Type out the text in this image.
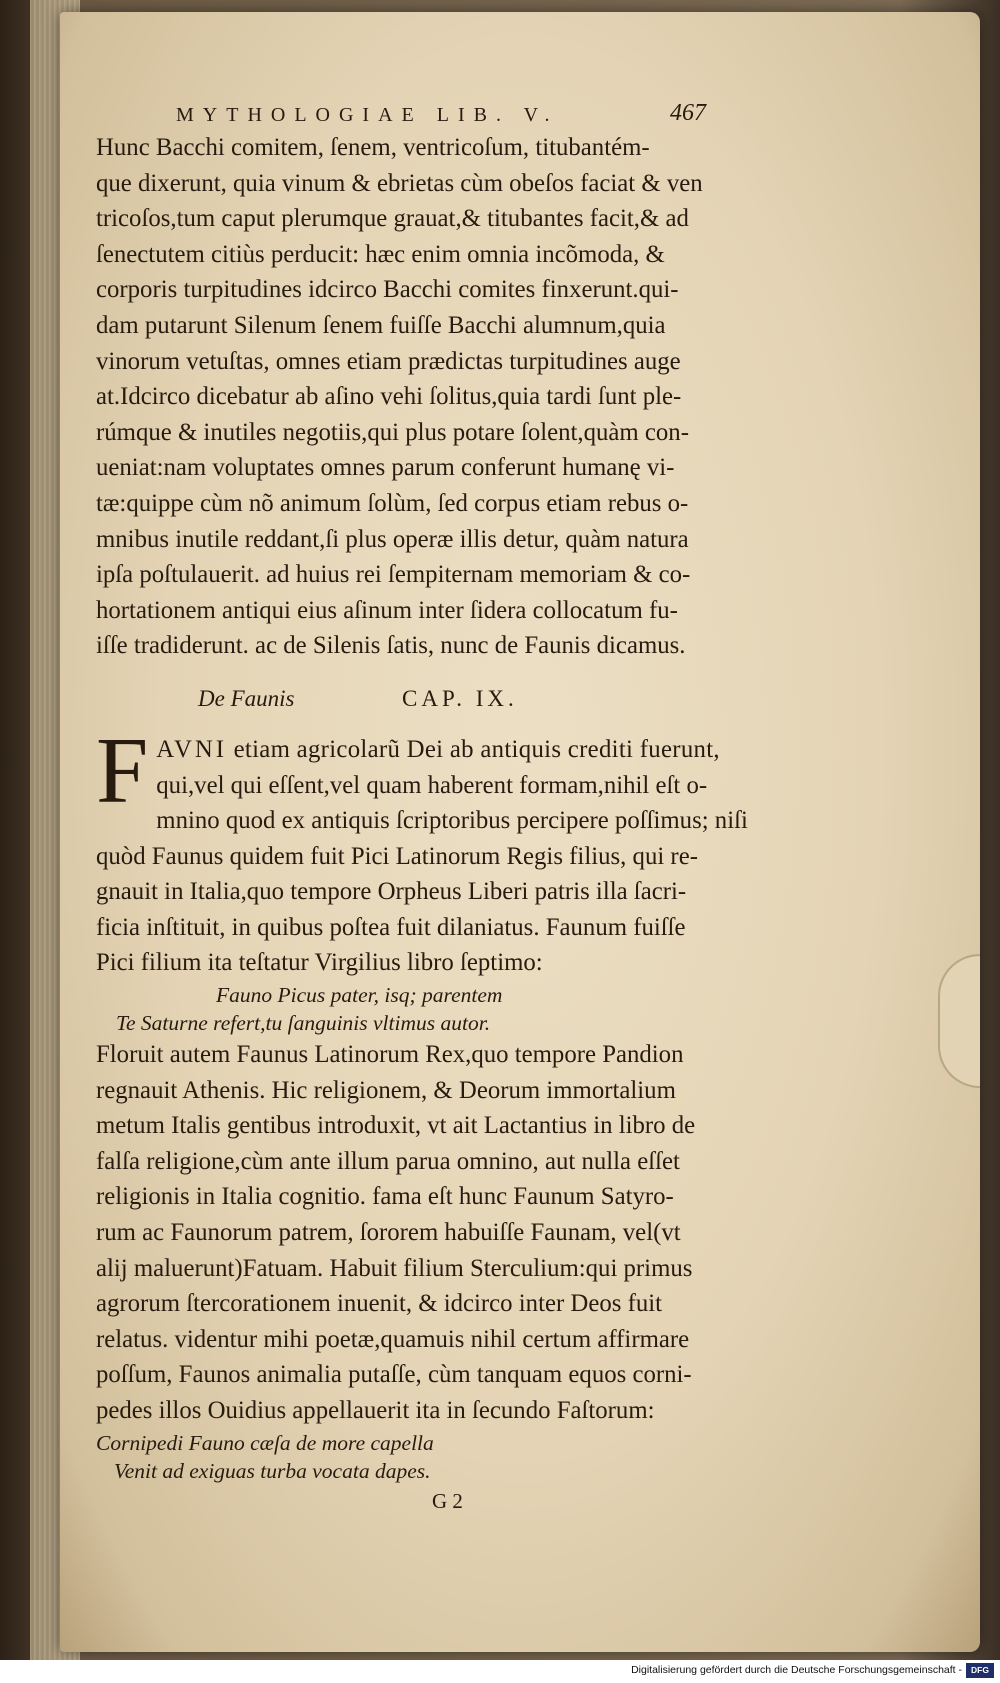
MYTHOLOGIAE LIB. V.	467

Hunc Bacchi comitem, ſenem, ventricoſum, titubantém-
que dixerunt, quia vinum & ebrietas cùm obeſos faciat & ven
tricoſos,tum caput plerumque grauat,& titubantes facit,& ad
ſenectutem citiùs perducit: hæc enim omnia incõmoda, &
corporis turpitudines idcirco Bacchi comites finxerunt.qui-
dam putarunt Silenum ſenem fuiſſe Bacchi alumnum,quia
vinorum vetuſtas, omnes etiam prædictas turpitudines auge
at.Idcirco dicebatur ab aſino vehi ſolitus,quia tardi ſunt ple-
rúmque & inutiles negotiis,qui plus potare ſolent,quàm con-
ueniat:nam voluptates omnes parum conferunt humanę vi-
tæ:quippe cùm nõ animum ſolùm, ſed corpus etiam rebus o-
mnibus inutile reddant,ſi plus operæ illis detur, quàm natura
ipſa poſtulauerit. ad huius rei ſempiternam memoriam & co-
hortationem antiqui eius aſinum inter ſidera collocatum fu-
iſſe tradiderunt. ac de Silenis ſatis, nunc de Faunis dicamus.

De Faunis	CAP. IX.

F AVNI etiam agricolarũ Dei ab antiquis crediti fuerunt,
qui,vel qui eſſent,vel quam haberent formam,nihil eſt o-
mnino quod ex antiquis ſcriptoribus percipere poſſimus; niſi
quòd Faunus quidem fuit Pici Latinorum Regis filius, qui re-
gnauit in Italia,quo tempore Orpheus Liberi patris illa ſacri-
ficia inſtituit, in quibus poſtea fuit dilaniatus. Faunum fuiſſe
Pici filium ita teſtatur Virgilius libro ſeptimo:

Fauno Picus pater, isq; parentem
Te Saturne refert,tu ſanguinis vltimus autor.

Floruit autem Faunus Latinorum Rex,quo tempore Pandion
regnauit Athenis. Hic religionem, & Deorum immortalium
metum Italis gentibus introduxit, vt ait Lactantius in libro de
falſa religione,cùm ante illum parua omnino, aut nulla eſſet
religionis in Italia cognitio. fama eſt hunc Faunum Satyro-
rum ac Faunorum patrem, ſororem habuiſſe Faunam, vel(vt
alij maluerunt)Fatuam. Habuit filium Sterculium:qui primus
agrorum ſtercorationem inuenit, & idcirco inter Deos fuit
relatus. videntur mihi poetæ,quamuis nihil certum affirmare
poſſum, Faunos animalia putaſſe, cùm tanquam equos corni-
pedes illos Ouidius appellauerit ita in ſecundo Faſtorum:

Cornipedi Fauno cæſa de more capella
Venit ad exiguas turba vocata dapes.
G 2
Digitalisierung gefördert durch die Deutsche Forschungsgemeinschaft -	DFG
